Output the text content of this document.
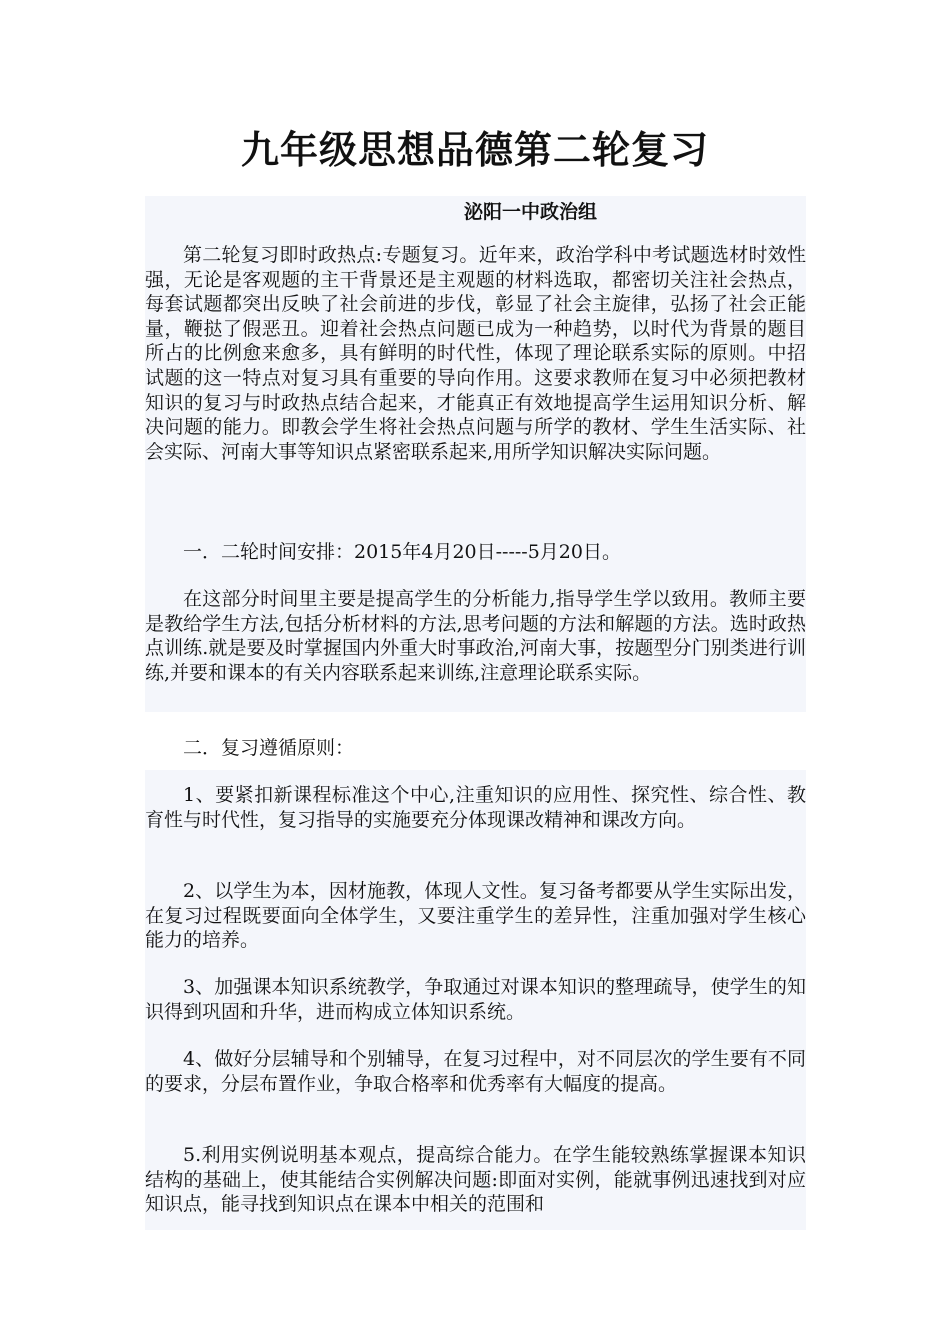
九年级思想品德第二轮复习
泌阳一中政治组

第二轮复习即时政热点:专题复习。近年来，政治学科中考试题选材时效性强，无论是客观题的主干背景还是主观题的材料选取，都密切关注社会热点，每套试题都突出反映了社会前进的步伐，彰显了社会主旋律，弘扬了社会正能量，鞭挞了假恶丑。迎着社会热点问题已成为一种趋势，以时代为背景的题目所占的比例愈来愈多，具有鲜明的时代性，体现了理论联系实际的原则。中招试题的这一特点对复习具有重要的导向作用。这要求教师在复习中必须把教材知识的复习与时政热点结合起来，才能真正有效地提高学生运用知识分析、解决问题的能力。即教会学生将社会热点问题与所学的教材、学生生活实际、社会实际、河南大事等知识点紧密联系起来,用所学知识解决实际问题。

一．二轮时间安排：2015年4月20日-----5月20日。

在这部分时间里主要是提高学生的分析能力,指导学生学以致用。教师主要是教给学生方法,包括分析材料的方法,思考问题的方法和解题的方法。选时政热点训练.就是要及时掌握国内外重大时事政治,河南大事，按题型分门别类进行训练,并要和课本的有关内容联系起来训练,注意理论联系实际。

二．复习遵循原则：

1、要紧扣新课程标准这个中心,注重知识的应用性、探究性、综合性、教育性与时代性，复习指导的实施要充分体现课改精神和课改方向。

2、以学生为本，因材施教，体现人文性。复习备考都要从学生实际出发，在复习过程既要面向全体学生，又要注重学生的差异性，注重加强对学生核心能力的培养。

3、加强课本知识系统教学，争取通过对课本知识的整理疏导，使学生的知识得到巩固和升华，进而构成立体知识系统。

4、做好分层辅导和个别辅导，在复习过程中，对不同层次的学生要有不同的要求，分层布置作业，争取合格率和优秀率有大幅度的提高。

5.利用实例说明基本观点，提高综合能力。在学生能较熟练掌握课本知识结构的基础上，使其能结合实例解决问题:即面对实例，能就事例迅速找到对应知识点，能寻找到知识点在课本中相关的范围和
